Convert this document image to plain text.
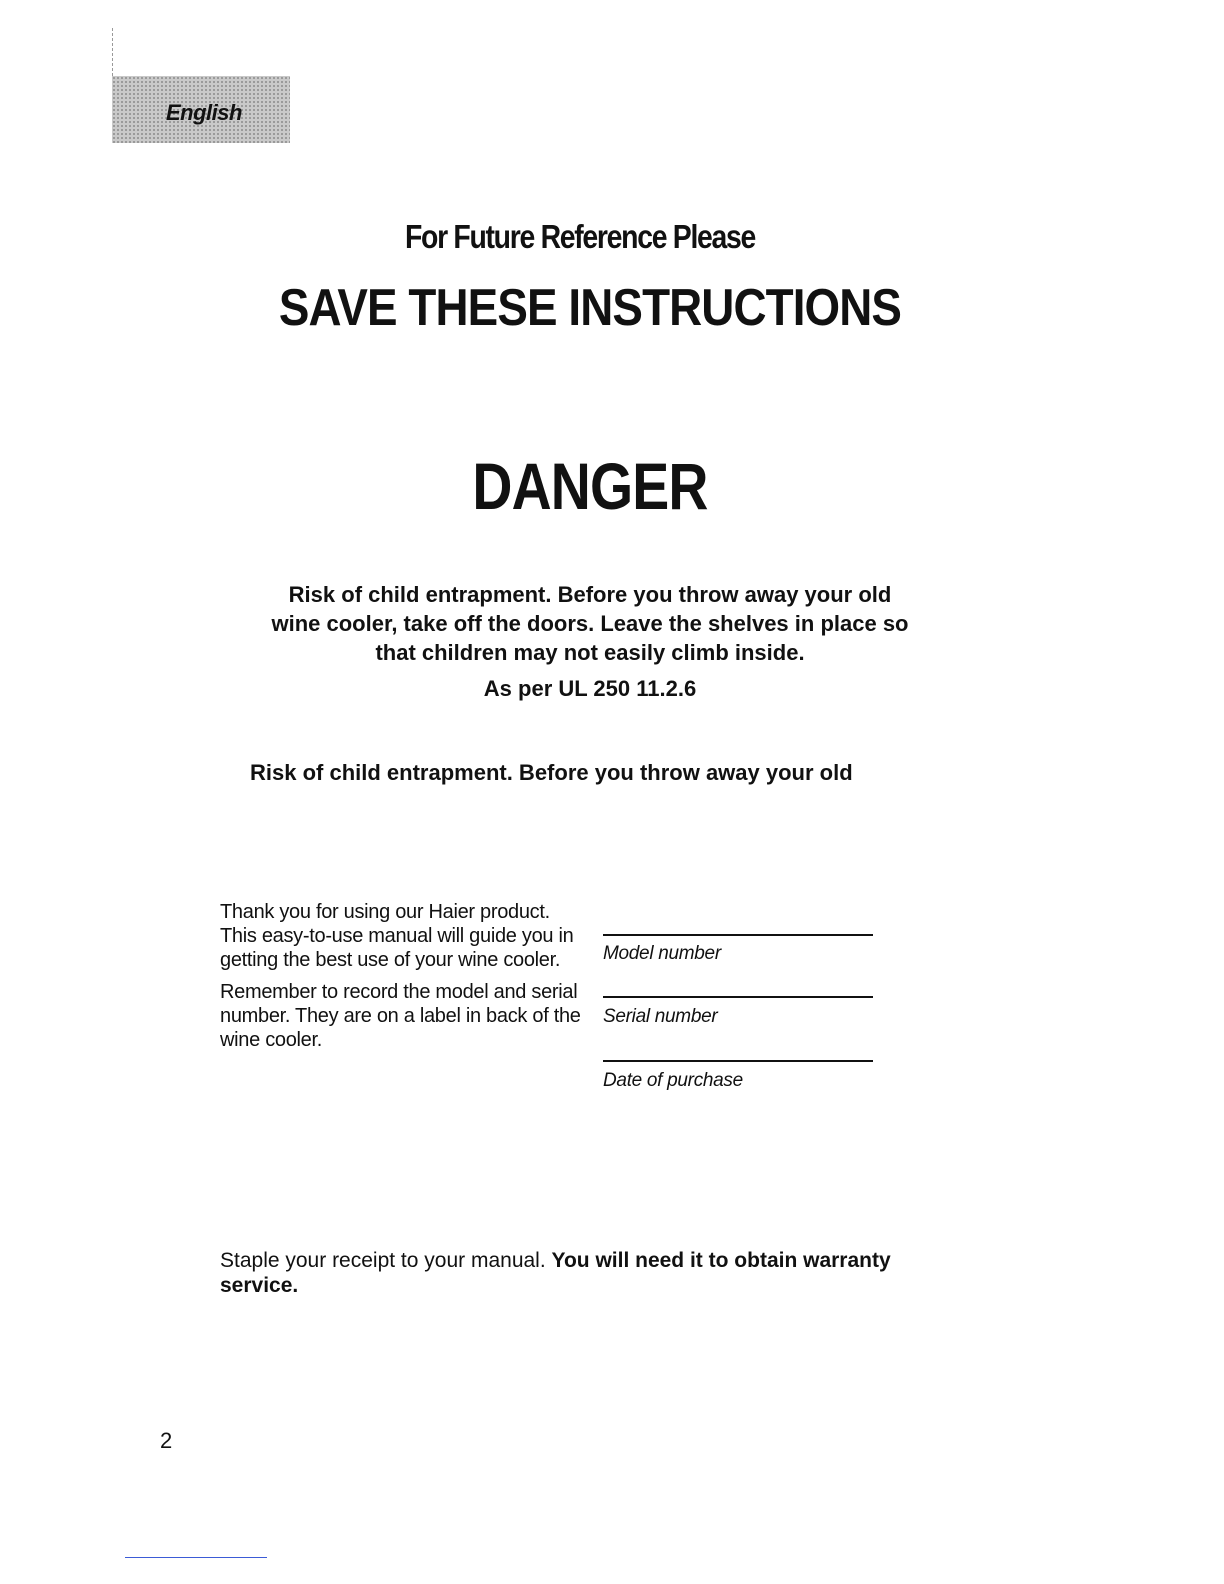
English
For Future Reference Please
SAVE THESE INSTRUCTIONS
DANGER
Risk of child entrapment. Before you throw away your old
wine cooler, take off the doors. Leave the shelves in place so
that children may not easily climb inside.
As per UL 250 11.2.6
Risk of child entrapment. Before you throw away your old

Thank you for using our Haier product. This easy-to-use manual will guide you in getting the best use of your wine cooler.

Remember to record the model and serial number. They are on a label in back of the wine cooler.

Model number
Serial number
Date of purchase

Staple your receipt to your manual. You will need it to obtain warranty service.

2
